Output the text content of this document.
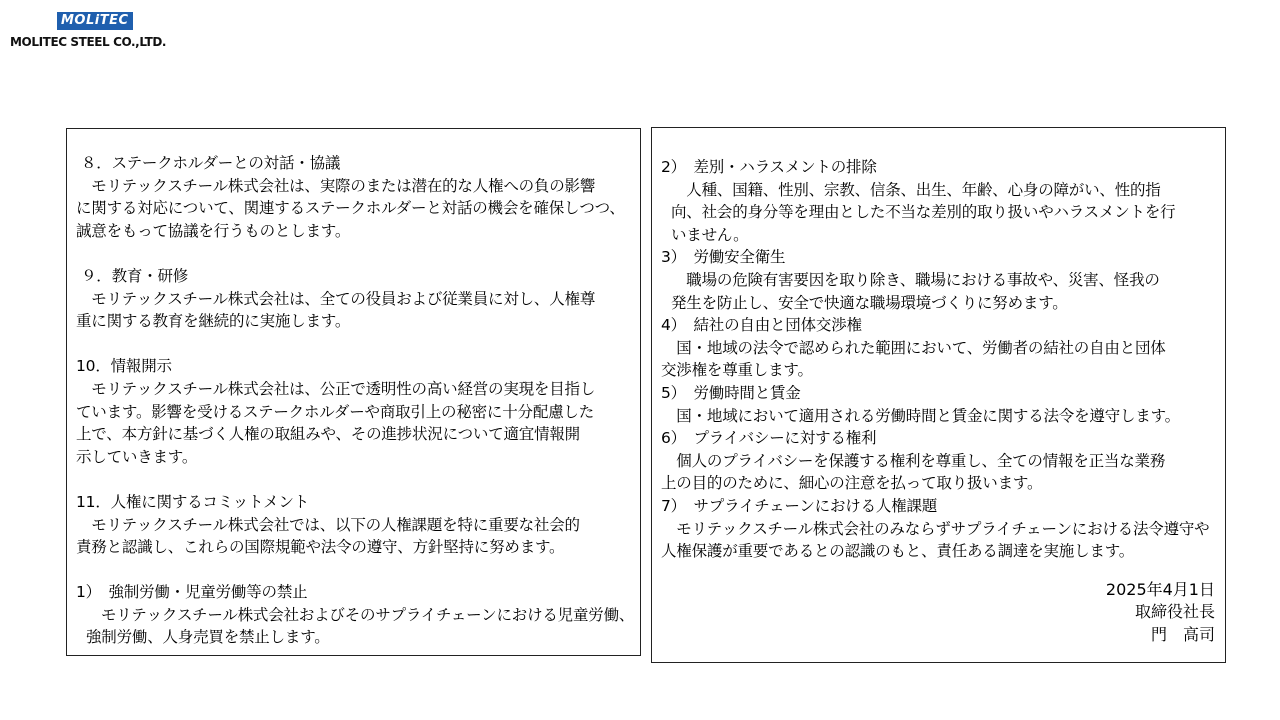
MOLiTEC
MOLITEC STEEL CO.,LTD.

８．ステークホルダーとの対話・協議

　モリテックスチール株式会社は、実際のまたは潜在的な人権への負の影響

に関する対応について、関連するステークホルダーと対話の機会を確保しつつ、

誠意をもって協議を行うものとします。

９．教育・研修

　モリテックスチール株式会社は、全ての役員および従業員に対し、人権尊

重に関する教育を継続的に実施します。

10．情報開示

　モリテックスチール株式会社は、公正で透明性の高い経営の実現を目指し

ています。影響を受けるステークホルダーや商取引上の秘密に十分配慮した

上で、本方針に基づく人権の取組みや、その進捗状況について適宜情報開

示していきます。

11．人権に関するコミットメント

　モリテックスチール株式会社では、以下の人権課題を特に重要な社会的

責務と認識し、これらの国際規範や法令の遵守、方針堅持に努めます。

1）　強制労働・児童労働等の禁止

モリテックスチール株式会社およびそのサプライチェーンにおける児童労働、

強制労働、人身売買を禁止します。

2）　差別・ハラスメントの排除

　人種、国籍、性別、宗教、信条、出生、年齢、心身の障がい、性的指

向、社会的身分等を理由とした不当な差別的取り扱いやハラスメントを行

いません。

3）　労働安全衛生

　職場の危険有害要因を取り除き、職場における事故や、災害、怪我の

発生を防止し、安全で快適な職場環境づくりに努めます。

4）　結社の自由と団体交渉権

　国・地域の法令で認められた範囲において、労働者の結社の自由と団体

交渉権を尊重します。

5）　労働時間と賃金

　国・地域において適用される労働時間と賃金に関する法令を遵守します。

6）　プライバシーに対する権利

　個人のプライバシーを保護する権利を尊重し、全ての情報を正当な業務

上の目的のために、細心の注意を払って取り扱います。

7）　サプライチェーンにおける人権課題

　モリテックスチール株式会社のみならずサプライチェーンにおける法令遵守や

人権保護が重要であるとの認識のもと、責任ある調達を実施します。

2025年4月1日
取締役社長
門　高司
